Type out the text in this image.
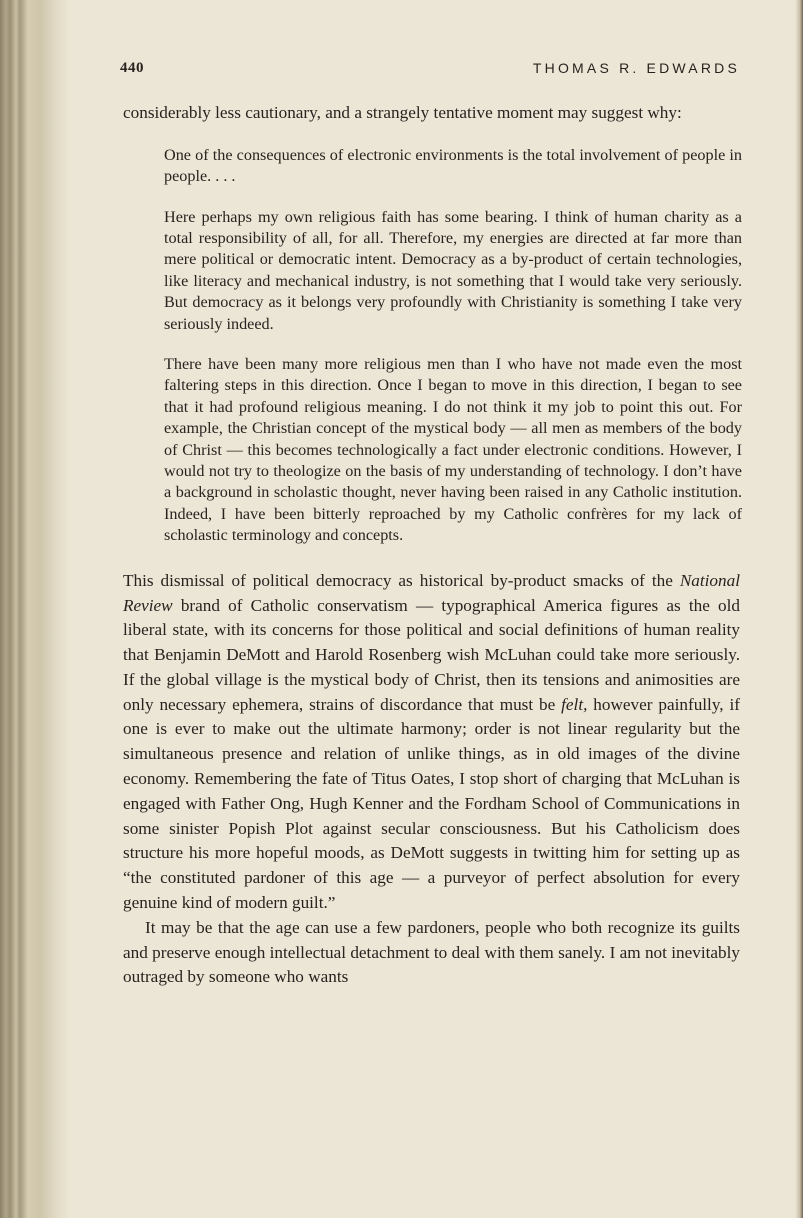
440	THOMAS R. EDWARDS

considerably less cautionary, and a strangely tentative moment may suggest why:

One of the consequences of electronic environments is the total involvement of people in people. . . .

Here perhaps my own religious faith has some bearing. I think of human charity as a total responsibility of all, for all. Therefore, my energies are directed at far more than mere political or democratic intent. Democracy as a by-product of certain technologies, like literacy and mechanical industry, is not something that I would take very seriously. But democracy as it belongs very profoundly with Christianity is something I take very seriously indeed.

There have been many more religious men than I who have not made even the most faltering steps in this direction. Once I began to move in this direction, I began to see that it had profound religious meaning. I do not think it my job to point this out. For example, the Christian concept of the mystical body — all men as members of the body of Christ — this becomes technologically a fact under electronic conditions. However, I would not try to theologize on the basis of my understanding of technology. I don’t have a background in scholastic thought, never having been raised in any Catholic institution. Indeed, I have been bitterly reproached by my Catholic confrères for my lack of scholastic terminology and concepts.

This dismissal of political democracy as historical by-product smacks of the National Review brand of Catholic conservatism — typographical America figures as the old liberal state, with its concerns for those political and social definitions of human reality that Benjamin DeMott and Harold Rosenberg wish McLuhan could take more seriously. If the global village is the mystical body of Christ, then its tensions and animosities are only necessary ephemera, strains of discordance that must be felt, however painfully, if one is ever to make out the ultimate harmony; order is not linear regularity but the simultaneous presence and relation of unlike things, as in old images of the divine economy. Remembering the fate of Titus Oates, I stop short of charging that McLuhan is engaged with Father Ong, Hugh Kenner and the Fordham School of Communications in some sinister Popish Plot against secular consciousness. But his Catholicism does structure his more hopeful moods, as DeMott suggests in twitting him for setting up as “the constituted pardoner of this age — a purveyor of perfect absolution for every genuine kind of modern guilt.”

It may be that the age can use a few pardoners, people who both recognize its guilts and preserve enough intellectual detachment to deal with them sanely. I am not inevitably outraged by someone who wants
